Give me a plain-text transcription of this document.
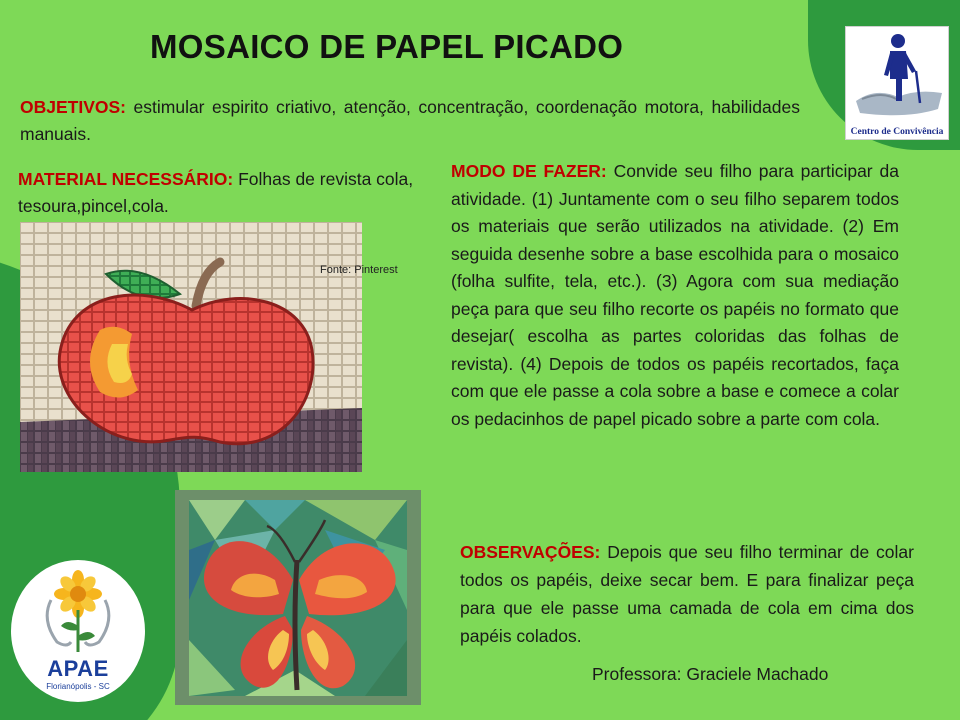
MOSAICO DE PAPEL PICADO

OBJETIVOS: estimular espirito criativo, atenção, concentração, coordenação motora, habilidades manuais.

MATERIAL NECESSÁRIO: Folhas de revista cola, tesoura,pincel,cola.

Fonte: Pinterest

MODO DE FAZER: Convide seu filho para participar da atividade. (1) Juntamente com o seu filho separem todos os materiais que serão utilizados na atividade. (2) Em seguida desenhe sobre a base escolhida para o mosaico (folha sulfite, tela, etc.). (3) Agora com sua mediação peça para que seu filho recorte os papéis no formato que desejar( escolha as partes coloridas das folhas de revista). (4) Depois de todos os papéis recortados, faça com que ele passe a cola sobre a base e comece a colar os pedacinhos de papel picado sobre a parte com cola.

OBSERVAÇÕES: Depois que seu filho terminar de colar todos os papéis, deixe secar bem. E para finalizar peça para que ele passe uma camada de cola em cima dos papéis colados.

Professora: Graciele Machado
Centro de Convivência
APAE
Florianópolis - SC
